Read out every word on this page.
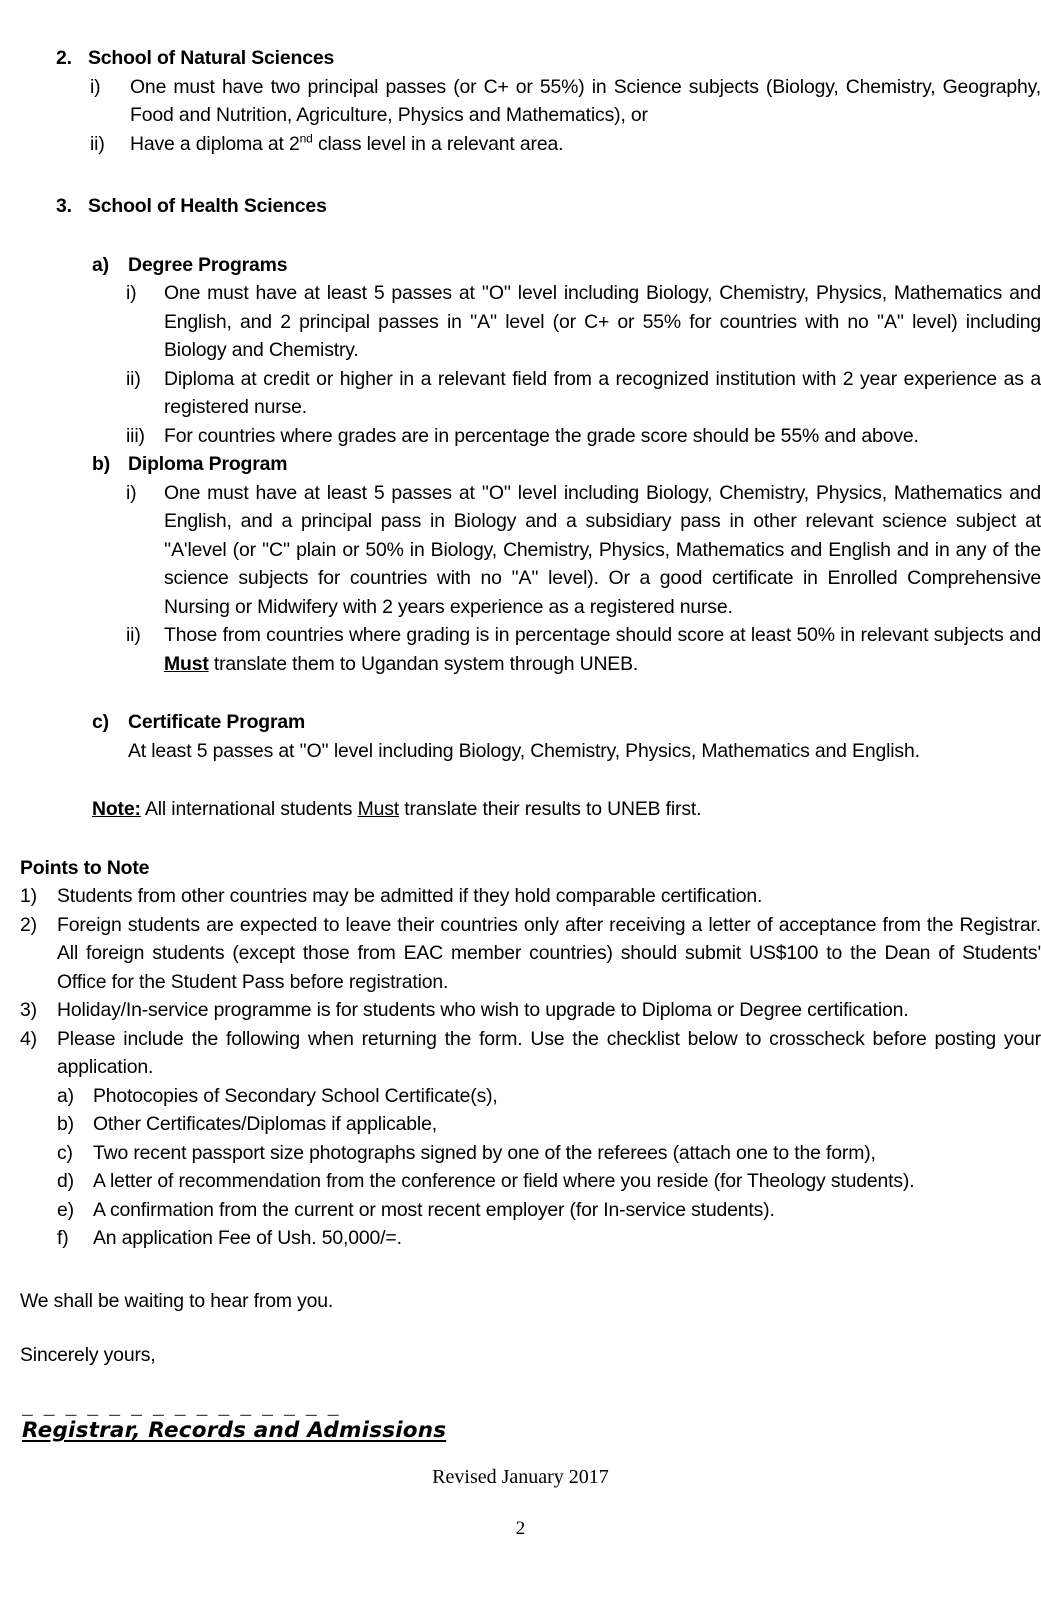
2. School of Natural Sciences
i) One must have two principal passes (or C+ or 55%) in Science subjects (Biology, Chemistry, Geography, Food and Nutrition, Agriculture, Physics and Mathematics), or
ii) Have a diploma at 2nd class level in a relevant area.
3. School of Health Sciences
a) Degree Programs
i) One must have at least 5 passes at ''O'' level including Biology, Chemistry, Physics, Mathematics and English, and 2 principal passes in ''A'' level (or C+ or 55% for countries with no ''A'' level) including Biology and Chemistry.
ii) Diploma at credit or higher in a relevant field from a recognized institution with 2 year experience as a registered nurse.
iii) For countries where grades are in percentage the grade score should be 55% and above.
b) Diploma Program
i) One must have at least 5 passes at ''O'' level including Biology, Chemistry, Physics, Mathematics and English, and a principal pass in Biology and a subsidiary pass in other relevant science subject at ''A'level (or ''C'' plain or 50% in Biology, Chemistry, Physics, Mathematics and English and in any of the science subjects for countries with no ''A'' level). Or a good certificate in Enrolled Comprehensive Nursing or Midwifery with 2 years experience as a registered nurse.
ii) Those from countries where grading is in percentage should score at least 50% in relevant subjects and Must translate them to Ugandan system through UNEB.
c) Certificate Program
At least 5 passes at ''O'' level including Biology, Chemistry, Physics, Mathematics and English.
Note: All international students Must translate their results to UNEB first.
Points to Note
1) Students from other countries may be admitted if they hold comparable certification.
2) Foreign students are expected to leave their countries only after receiving a letter of acceptance from the Registrar. All foreign students (except those from EAC member countries) should submit US$100 to the Dean of Students' Office for the Student Pass before registration.
3) Holiday/In-service programme is for students who wish to upgrade to Diploma or Degree certification.
4) Please include the following when returning the form. Use the checklist below to crosscheck before posting your application.
a) Photocopies of Secondary School Certificate(s),
b) Other Certificates/Diplomas if applicable,
c) Two recent passport size photographs signed by one of the referees (attach one to the form),
d) A letter of recommendation from the conference or field where you reside (for Theology students).
e) A confirmation from the current or most recent employer (for In-service students).
f) An application Fee of Ush. 50,000/=.
We shall be waiting to hear from you.
Sincerely yours,
_ _ _ _ _ _ _ _ _ _ _ _ _ _ _
Registrar, Records and Admissions
Revised January 2017
2
